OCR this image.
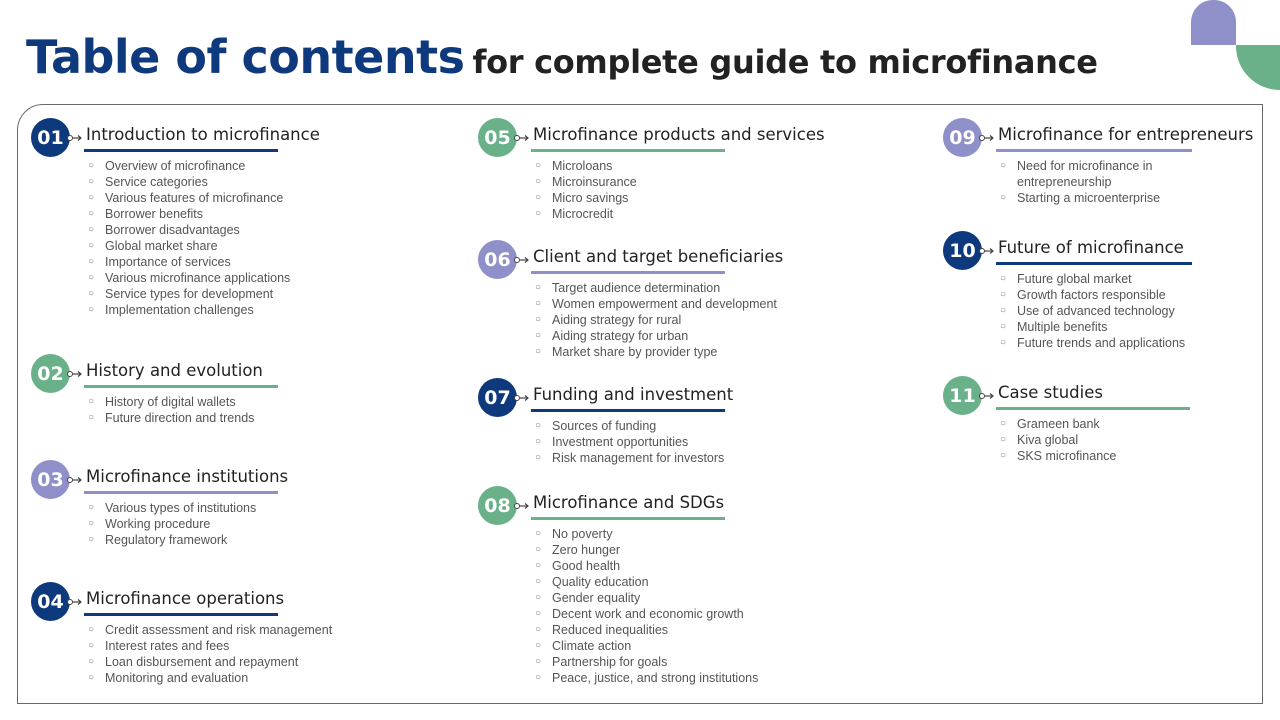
Table of contents for complete guide to microfinance
01	Introduction to microfinance
○ Overview of microfinance
○ Service categories
○ Various features of microfinance
○ Borrower benefits
○ Borrower disadvantages
○ Global market share
○ Importance of services
○ Various microfinance applications
○ Service types for development
○ Implementation challenges
02	History and evolution
○ History of digital wallets
○ Future direction and trends
03	Microfinance institutions
○ Various types of institutions
○ Working procedure
○ Regulatory framework
04	Microfinance operations
○ Credit assessment and risk management
○ Interest rates and fees
○ Loan disbursement and repayment
○ Monitoring and evaluation
05	Microfinance products and services
○ Microloans
○ Microinsurance
○ Micro savings
○ Microcredit
06	Client and target beneficiaries
○ Target audience determination
○ Women empowerment and development
○ Aiding strategy for rural
○ Aiding strategy for urban
○ Market share by provider type
07	Funding and investment
○ Sources of funding
○ Investment opportunities
○ Risk management for investors
08	Microfinance and SDGs
○ No poverty
○ Zero hunger
○ Good health
○ Quality education
○ Gender equality
○ Decent work and economic growth
○ Reduced inequalities
○ Climate action
○ Partnership for goals
○ Peace, justice, and strong institutions
09	Microfinance for entrepreneurs
○ Need for microfinance in entrepreneurship
○ Starting a microenterprise
10	Future of microfinance
○ Future global market
○ Growth factors responsible
○ Use of advanced technology
○ Multiple benefits
○ Future trends and applications
11	Case studies
○ Grameen bank
○ Kiva global
○ SKS microfinance
